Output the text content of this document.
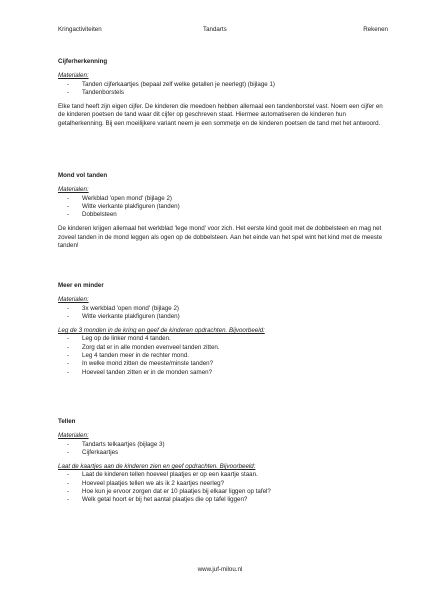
Kringactiviteiten	Tandarts	Rekenen
Cijferherkenning
Materialen:
- Tanden cijferkaartjes (bepaal zelf welke getallen je neerlegt) (bijlage 1)
- Tandenborstels

Elke tand heeft zijn eigen cijfer. De kinderen die meedoen hebben allemaal een tandenborstel vast. Noem een cijfer en de kinderen poetsen de tand waar dit cijfer op geschreven staat. Hiermee automatiseren de kinderen hun getalherkenning. Bij een moeilijkere variant neem je een sommetje en de kinderen poetsen de tand met het antwoord.

Mond vol tanden
Materialen:
- Werkblad 'open mond' (bijlage 2)
- Witte vierkante plakfiguren (tanden)
- Dobbelsteen

De kinderen krijgen allemaal het werkblad 'lege mond' voor zich. Het eerste kind gooit met de dobbelsteen en mag net zoveel tanden in de mond leggen als ogen op de dobbelsteen. Aan het einde van het spel wint het kind met de meeste tanden!

Meer en minder
Materialen:
- 3x werkblad 'open mond' (bijlage 2)
- Witte vierkante plakfiguren (tanden)
Leg de 3 monden in de kring en geef de kinderen opdrachten. Bijvoorbeeld:
- Leg op de linker mond 4 tanden.
- Zorg dat er in alle monden evenveel tanden zitten.
- Leg 4 tanden meer in de rechter mond.
- In welke mond zitten de meeste/minste tanden?
- Hoeveel tanden zitten er in de monden samen?
Tellen
Materialen:
- Tandarts telkaartjes (bijlage 3)
- Cijferkaartjes
Laat de kaartjes aan de kinderen zien en geef opdrachten. Bijvoorbeeld:
- Laat de kinderen tellen hoeveel plaatjes er op een kaartje staan.
- Hoeveel plaatjes tellen we als ik 2 kaartjes neerleg?
- Hoe kun je ervoor zorgen dat er 10 plaatjes bij elkaar liggen op tafel?
- Welk getal hoort er bij het aantal plaatjes die op tafel liggen?
www.juf-milou.nl
